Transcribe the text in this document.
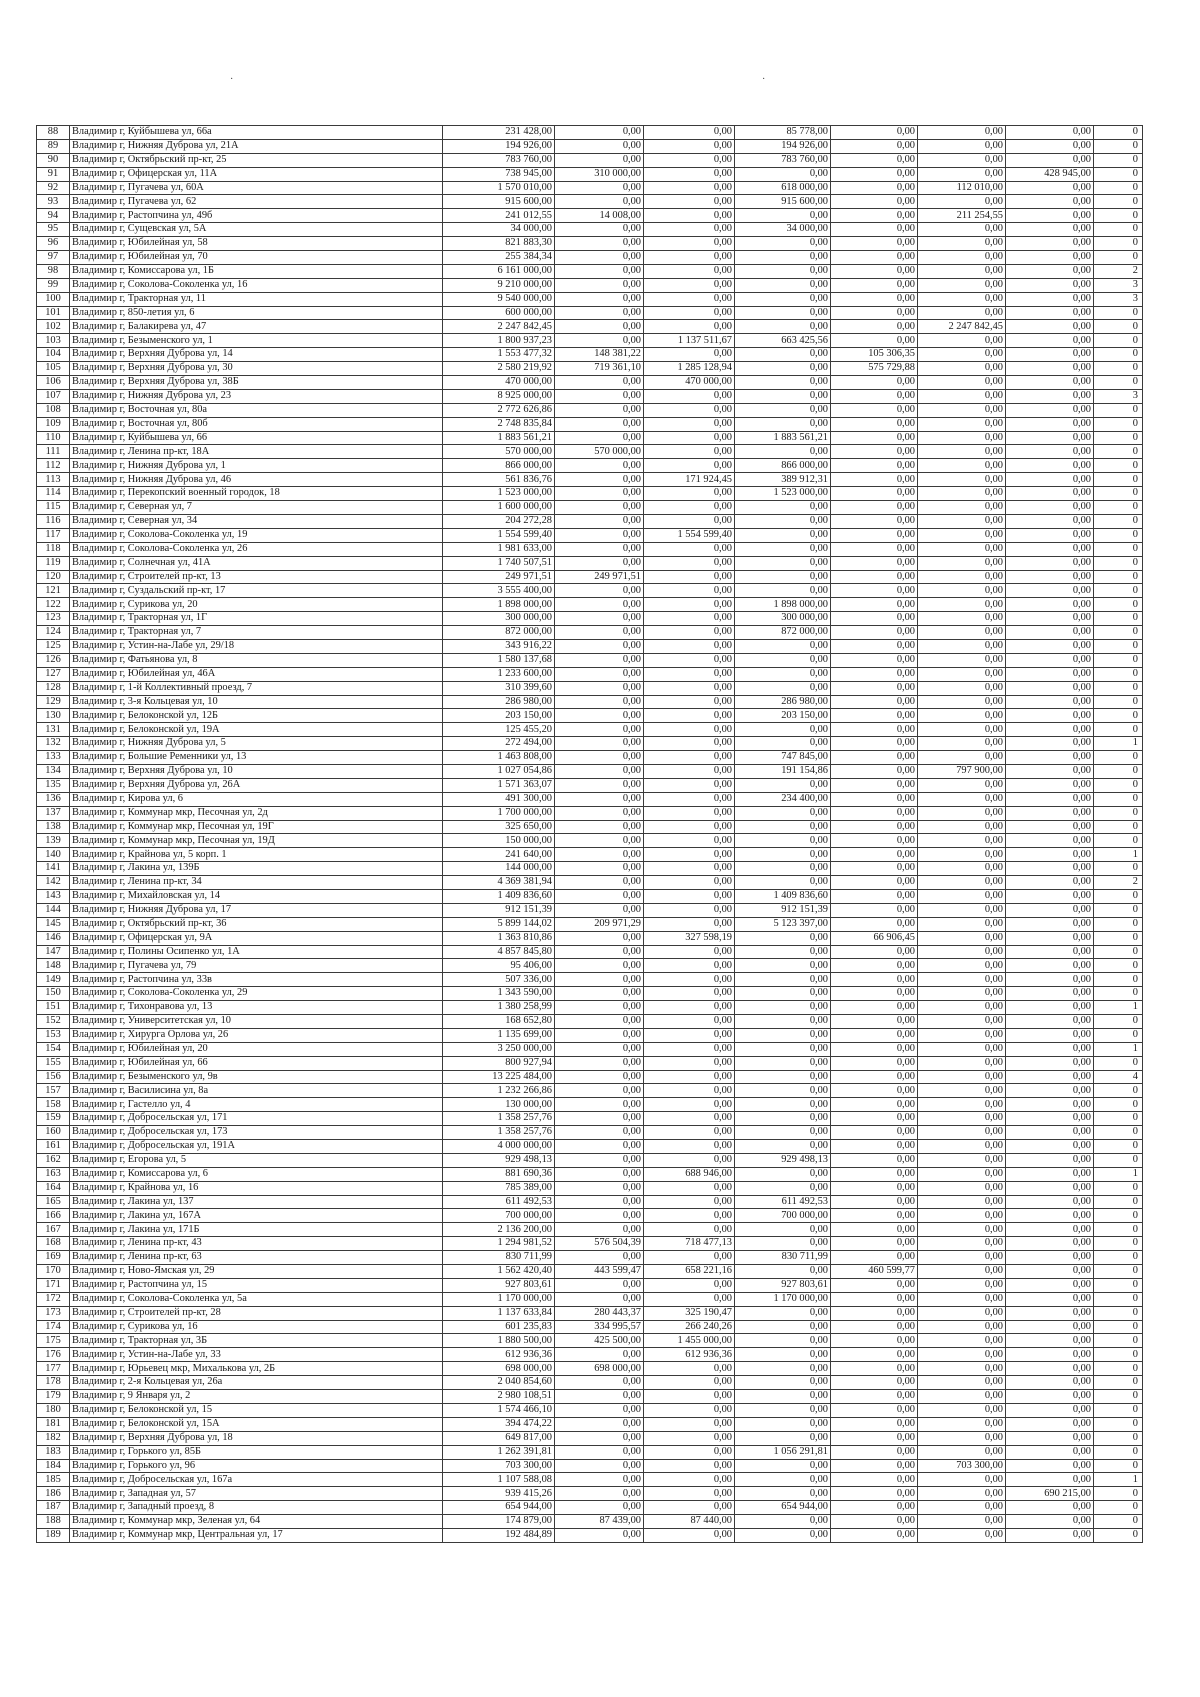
·	·
88	Владимир г, Куйбышева ул, 66а	231 428,00	0,00	0,00	85 778,00	0,00	0,00	0,00	0
89	Владимир г, Нижняя Дуброва ул, 21А	194 926,00	0,00	0,00	194 926,00	0,00	0,00	0,00	0
90	Владимир г, Октябрьский пр-кт, 25	783 760,00	0,00	0,00	783 760,00	0,00	0,00	0,00	0
91	Владимир г, Офицерская ул, 11А	738 945,00	310 000,00	0,00	0,00	0,00	0,00	428 945,00	0
92	Владимир г, Пугачева ул, 60А	1 570 010,00	0,00	0,00	618 000,00	0,00	112 010,00	0,00	0
93	Владимир г, Пугачева ул, 62	915 600,00	0,00	0,00	915 600,00	0,00	0,00	0,00	0
94	Владимир г, Растопчина ул, 49б	241 012,55	14 008,00	0,00	0,00	0,00	211 254,55	0,00	0
95	Владимир г, Сущевская ул, 5А	34 000,00	0,00	0,00	34 000,00	0,00	0,00	0,00	0
96	Владимир г, Юбилейная ул, 58	821 883,30	0,00	0,00	0,00	0,00	0,00	0,00	0
97	Владимир г, Юбилейная ул, 70	255 384,34	0,00	0,00	0,00	0,00	0,00	0,00	0
98	Владимир г, Комиссарова ул, 1Б	6 161 000,00	0,00	0,00	0,00	0,00	0,00	0,00	2
99	Владимир г, Соколова-Соколенка ул, 16	9 210 000,00	0,00	0,00	0,00	0,00	0,00	0,00	3
100	Владимир г, Тракторная ул, 11	9 540 000,00	0,00	0,00	0,00	0,00	0,00	0,00	3
101	Владимир г, 850-летия ул, 6	600 000,00	0,00	0,00	0,00	0,00	0,00	0,00	0
102	Владимир г, Балакирева ул, 47	2 247 842,45	0,00	0,00	0,00	0,00	2 247 842,45	0,00	0
103	Владимир г, Безыменского ул, 1	1 800 937,23	0,00	1 137 511,67	663 425,56	0,00	0,00	0,00	0
104	Владимир г, Верхняя Дуброва ул, 14	1 553 477,32	148 381,22	0,00	0,00	105 306,35	0,00	0,00	0
105	Владимир г, Верхняя Дуброва ул, 30	2 580 219,92	719 361,10	1 285 128,94	0,00	575 729,88	0,00	0,00	0
106	Владимир г, Верхняя Дуброва ул, 38Б	470 000,00	0,00	470 000,00	0,00	0,00	0,00	0,00	0
107	Владимир г, Нижняя Дуброва ул, 23	8 925 000,00	0,00	0,00	0,00	0,00	0,00	0,00	3
108	Владимир г, Восточная ул, 80а	2 772 626,86	0,00	0,00	0,00	0,00	0,00	0,00	0
109	Владимир г, Восточная ул, 80б	2 748 835,84	0,00	0,00	0,00	0,00	0,00	0,00	0
110	Владимир г, Куйбышева ул, 66	1 883 561,21	0,00	0,00	1 883 561,21	0,00	0,00	0,00	0
111	Владимир г, Ленина пр-кт, 18А	570 000,00	570 000,00	0,00	0,00	0,00	0,00	0,00	0
112	Владимир г, Нижняя Дуброва ул, 1	866 000,00	0,00	0,00	866 000,00	0,00	0,00	0,00	0
113	Владимир г, Нижняя Дуброва ул, 46	561 836,76	0,00	171 924,45	389 912,31	0,00	0,00	0,00	0
114	Владимир г, Перекопский военный городок, 18	1 523 000,00	0,00	0,00	1 523 000,00	0,00	0,00	0,00	0
115	Владимир г, Северная ул, 7	1 600 000,00	0,00	0,00	0,00	0,00	0,00	0,00	0
116	Владимир г, Северная ул, 34	204 272,28	0,00	0,00	0,00	0,00	0,00	0,00	0
117	Владимир г, Соколова-Соколенка ул, 19	1 554 599,40	0,00	1 554 599,40	0,00	0,00	0,00	0,00	0
118	Владимир г, Соколова-Соколенка ул, 26	1 981 633,00	0,00	0,00	0,00	0,00	0,00	0,00	0
119	Владимир г, Солнечная ул, 41А	1 740 507,51	0,00	0,00	0,00	0,00	0,00	0,00	0
120	Владимир г, Строителей пр-кт, 13	249 971,51	249 971,51	0,00	0,00	0,00	0,00	0,00	0
121	Владимир г, Суздальский пр-кт, 17	3 555 400,00	0,00	0,00	0,00	0,00	0,00	0,00	0
122	Владимир г, Сурикова ул, 20	1 898 000,00	0,00	0,00	1 898 000,00	0,00	0,00	0,00	0
123	Владимир г, Тракторная ул, 1Г	300 000,00	0,00	0,00	300 000,00	0,00	0,00	0,00	0
124	Владимир г, Тракторная ул, 7	872 000,00	0,00	0,00	872 000,00	0,00	0,00	0,00	0
125	Владимир г, Устин-на-Лабе ул, 29/18	343 916,22	0,00	0,00	0,00	0,00	0,00	0,00	0
126	Владимир г, Фатьянова ул, 8	1 580 137,68	0,00	0,00	0,00	0,00	0,00	0,00	0
127	Владимир г, Юбилейная ул, 46А	1 233 600,00	0,00	0,00	0,00	0,00	0,00	0,00	0
128	Владимир г, 1-й Коллективный проезд, 7	310 399,60	0,00	0,00	0,00	0,00	0,00	0,00	0
129	Владимир г, 3-я Кольцевая ул, 10	286 980,00	0,00	0,00	286 980,00	0,00	0,00	0,00	0
130	Владимир г, Белоконской ул, 12Б	203 150,00	0,00	0,00	203 150,00	0,00	0,00	0,00	0
131	Владимир г, Белоконской ул, 19А	125 455,20	0,00	0,00	0,00	0,00	0,00	0,00	0
132	Владимир г, Нижняя Дуброва ул, 5	272 494,00	0,00	0,00	0,00	0,00	0,00	0,00	1
133	Владимир г, Большие Ременники ул, 13	1 463 808,00	0,00	0,00	747 845,00	0,00	0,00	0,00	0
134	Владимир г, Верхняя Дуброва ул, 10	1 027 054,86	0,00	0,00	191 154,86	0,00	797 900,00	0,00	0
135	Владимир г, Верхняя Дуброва ул, 26А	1 571 363,07	0,00	0,00	0,00	0,00	0,00	0,00	0
136	Владимир г, Кирова ул, 6	491 300,00	0,00	0,00	234 400,00	0,00	0,00	0,00	0
137	Владимир г, Коммунар мкр, Песочная ул, 2д	1 700 000,00	0,00	0,00	0,00	0,00	0,00	0,00	0
138	Владимир г, Коммунар мкр, Песочная ул, 19Г	325 650,00	0,00	0,00	0,00	0,00	0,00	0,00	0
139	Владимир г, Коммунар мкр, Песочная ул, 19Д	150 000,00	0,00	0,00	0,00	0,00	0,00	0,00	0
140	Владимир г, Крайнова ул, 5 корп. 1	241 640,00	0,00	0,00	0,00	0,00	0,00	0,00	1
141	Владимир г, Лакина ул, 139Б	144 000,00	0,00	0,00	0,00	0,00	0,00	0,00	0
142	Владимир г, Ленина пр-кт, 34	4 369 381,94	0,00	0,00	0,00	0,00	0,00	0,00	2
143	Владимир г, Михайловская ул, 14	1 409 836,60	0,00	0,00	1 409 836,60	0,00	0,00	0,00	0
144	Владимир г, Нижняя Дуброва ул, 17	912 151,39	0,00	0,00	912 151,39	0,00	0,00	0,00	0
145	Владимир г, Октябрьский пр-кт, 36	5 899 144,02	209 971,29	0,00	5 123 397,00	0,00	0,00	0,00	0
146	Владимир г, Офицерская ул, 9А	1 363 810,86	0,00	327 598,19	0,00	66 906,45	0,00	0,00	0
147	Владимир г, Полины Осипенко ул, 1А	4 857 845,80	0,00	0,00	0,00	0,00	0,00	0,00	0
148	Владимир г, Пугачева ул, 79	95 406,00	0,00	0,00	0,00	0,00	0,00	0,00	0
149	Владимир г, Растопчина ул, 33в	507 336,00	0,00	0,00	0,00	0,00	0,00	0,00	0
150	Владимир г, Соколова-Соколенка ул, 29	1 343 590,00	0,00	0,00	0,00	0,00	0,00	0,00	0
151	Владимир г, Тихонравова ул, 13	1 380 258,99	0,00	0,00	0,00	0,00	0,00	0,00	1
152	Владимир г, Университетская ул, 10	168 652,80	0,00	0,00	0,00	0,00	0,00	0,00	0
153	Владимир г, Хирурга Орлова ул, 26	1 135 699,00	0,00	0,00	0,00	0,00	0,00	0,00	0
154	Владимир г, Юбилейная ул, 20	3 250 000,00	0,00	0,00	0,00	0,00	0,00	0,00	1
155	Владимир г, Юбилейная ул, 66	800 927,94	0,00	0,00	0,00	0,00	0,00	0,00	0
156	Владимир г, Безыменского ул, 9в	13 225 484,00	0,00	0,00	0,00	0,00	0,00	0,00	4
157	Владимир г, Василисина ул, 8а	1 232 266,86	0,00	0,00	0,00	0,00	0,00	0,00	0
158	Владимир г, Гастелло ул, 4	130 000,00	0,00	0,00	0,00	0,00	0,00	0,00	0
159	Владимир г, Добросельская ул, 171	1 358 257,76	0,00	0,00	0,00	0,00	0,00	0,00	0
160	Владимир г, Добросельская ул, 173	1 358 257,76	0,00	0,00	0,00	0,00	0,00	0,00	0
161	Владимир г, Добросельская ул, 191А	4 000 000,00	0,00	0,00	0,00	0,00	0,00	0,00	0
162	Владимир г, Егорова ул, 5	929 498,13	0,00	0,00	929 498,13	0,00	0,00	0,00	0
163	Владимир г, Комиссарова ул, 6	881 690,36	0,00	688 946,00	0,00	0,00	0,00	0,00	1
164	Владимир г, Крайнова ул, 16	785 389,00	0,00	0,00	0,00	0,00	0,00	0,00	0
165	Владимир г, Лакина ул, 137	611 492,53	0,00	0,00	611 492,53	0,00	0,00	0,00	0
166	Владимир г, Лакина ул, 167А	700 000,00	0,00	0,00	700 000,00	0,00	0,00	0,00	0
167	Владимир г, Лакина ул, 171Б	2 136 200,00	0,00	0,00	0,00	0,00	0,00	0,00	0
168	Владимир г, Ленина пр-кт, 43	1 294 981,52	576 504,39	718 477,13	0,00	0,00	0,00	0,00	0
169	Владимир г, Ленина пр-кт, 63	830 711,99	0,00	0,00	830 711,99	0,00	0,00	0,00	0
170	Владимир г, Ново-Ямская ул, 29	1 562 420,40	443 599,47	658 221,16	0,00	460 599,77	0,00	0,00	0
171	Владимир г, Растопчина ул, 15	927 803,61	0,00	0,00	927 803,61	0,00	0,00	0,00	0
172	Владимир г, Соколова-Соколенка ул, 5а	1 170 000,00	0,00	0,00	1 170 000,00	0,00	0,00	0,00	0
173	Владимир г, Строителей пр-кт, 28	1 137 633,84	280 443,37	325 190,47	0,00	0,00	0,00	0,00	0
174	Владимир г, Сурикова ул, 16	601 235,83	334 995,57	266 240,26	0,00	0,00	0,00	0,00	0
175	Владимир г, Тракторная ул, 3Б	1 880 500,00	425 500,00	1 455 000,00	0,00	0,00	0,00	0,00	0
176	Владимир г, Устин-на-Лабе ул, 33	612 936,36	0,00	612 936,36	0,00	0,00	0,00	0,00	0
177	Владимир г, Юрьевец мкр, Михалькова ул, 2Б	698 000,00	698 000,00	0,00	0,00	0,00	0,00	0,00	0
178	Владимир г, 2-я Кольцевая ул, 26а	2 040 854,60	0,00	0,00	0,00	0,00	0,00	0,00	0
179	Владимир г, 9 Января ул, 2	2 980 108,51	0,00	0,00	0,00	0,00	0,00	0,00	0
180	Владимир г, Белоконской ул, 15	1 574 466,10	0,00	0,00	0,00	0,00	0,00	0,00	0
181	Владимир г, Белоконской ул, 15А	394 474,22	0,00	0,00	0,00	0,00	0,00	0,00	0
182	Владимир г, Верхняя Дуброва ул, 18	649 817,00	0,00	0,00	0,00	0,00	0,00	0,00	0
183	Владимир г, Горького ул, 85Б	1 262 391,81	0,00	0,00	1 056 291,81	0,00	0,00	0,00	0
184	Владимир г, Горького ул, 96	703 300,00	0,00	0,00	0,00	0,00	703 300,00	0,00	0
185	Владимир г, Добросельская ул, 167а	1 107 588,08	0,00	0,00	0,00	0,00	0,00	0,00	1
186	Владимир г, Западная ул, 57	939 415,26	0,00	0,00	0,00	0,00	0,00	690 215,00	0
187	Владимир г, Западный проезд, 8	654 944,00	0,00	0,00	654 944,00	0,00	0,00	0,00	0
188	Владимир г, Коммунар мкр, Зеленая ул, 64	174 879,00	87 439,00	87 440,00	0,00	0,00	0,00	0,00	0
189	Владимир г, Коммунар мкр, Центральная ул, 17	192 484,89	0,00	0,00	0,00	0,00	0,00	0,00	0
